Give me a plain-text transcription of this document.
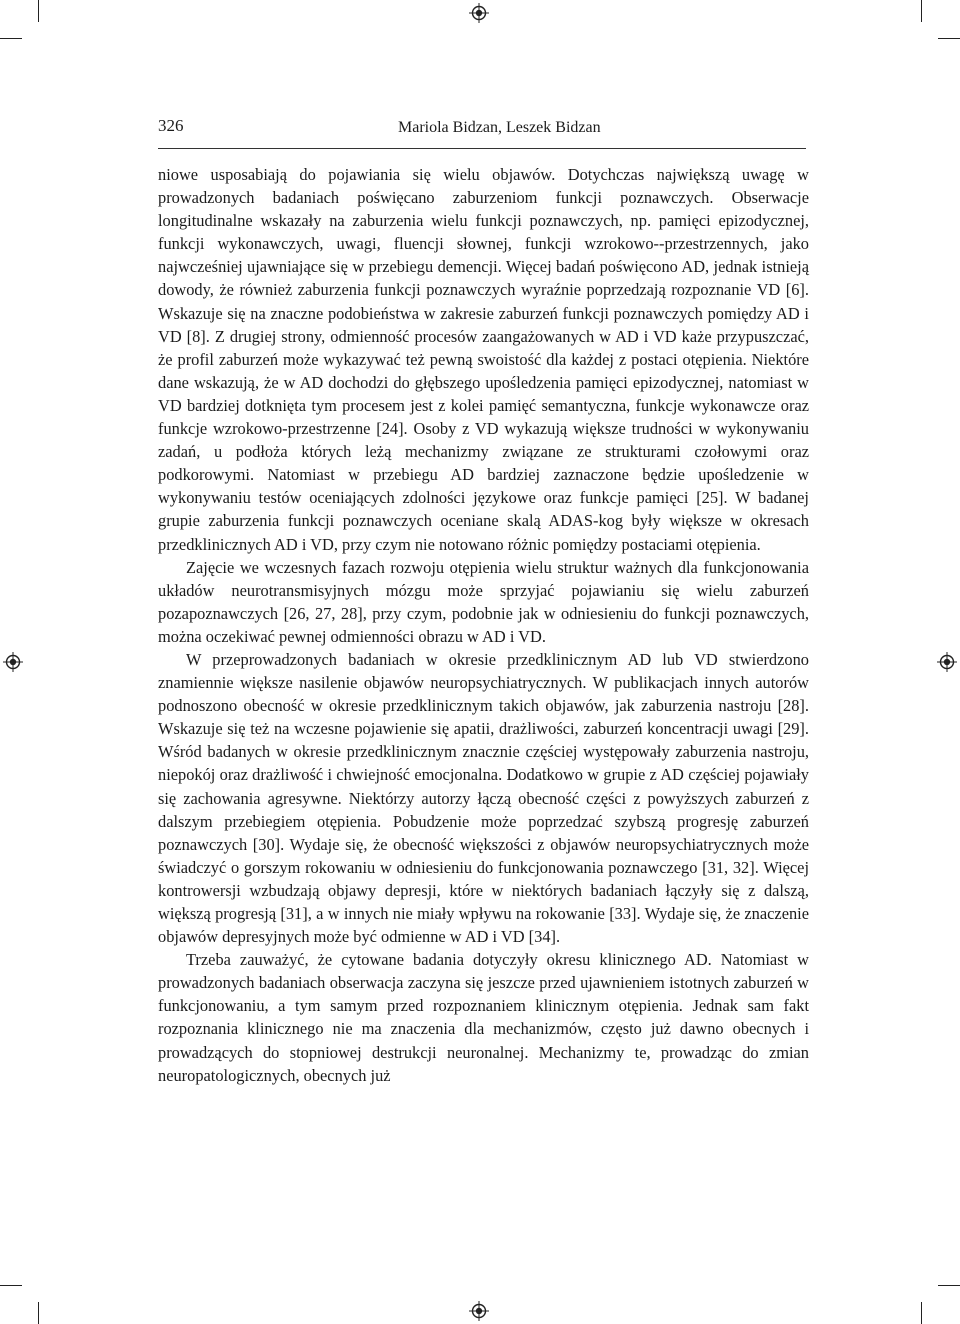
326	Mariola Bidzan, Leszek Bidzan

niowe usposabiają do pojawiania się wielu objawów. Dotychczas największą uwagę w prowadzonych badaniach poświęcano zaburzeniom funkcji poznawczych. Obserwacje longitudinalne wskazały na zaburzenia wielu funkcji poznawczych, np. pamięci epizodycznej, funkcji wykonawczych, uwagi, fluencji słownej, funkcji wzrokowo-⁠-przestrzennych, jako najwcześniej ujawniające się w przebiegu demencji. Więcej badań poświęcono AD, jednak istnieją dowody, że również zaburzenia funkcji poznawczych wyraźnie poprzedzają rozpoznanie VD [6]. Wskazuje się na znaczne podobieństwa w zakresie zaburzeń funkcji poznawczych pomiędzy AD i VD [8]. Z drugiej strony, odmienność procesów zaangażowanych w AD i VD każe przypuszczać, że profil zaburzeń może wykazywać też pewną swoistość dla każdej z postaci otępienia. Niektóre dane wskazują, że w AD dochodzi do głębszego upośledzenia pamięci epizodycznej, natomiast w VD bardziej dotknięta tym procesem jest z kolei pamięć semantyczna, funkcje wykonawcze oraz funkcje wzrokowo-przestrzenne [24]. Osoby z VD wykazują większe trudności w wykonywaniu zadań, u podłoża których leżą mechanizmy związane ze strukturami czołowymi oraz podkorowymi. Natomiast w przebiegu AD bardziej zaznaczone będzie upośledzenie w wykonywaniu testów oceniających zdolności językowe oraz funkcje pamięci [25]. W badanej grupie zaburzenia funkcji poznawczych oceniane skalą ADAS-kog były większe w okresach przedklinicznych AD i VD, przy czym nie notowano różnic pomiędzy postaciami otępienia.

Zajęcie we wczesnych fazach rozwoju otępienia wielu struktur ważnych dla funkcjonowania układów neurotransmisyjnych mózgu może sprzyjać pojawianiu się wielu zaburzeń pozapoznawczych [26, 27, 28], przy czym, podobnie jak w odniesieniu do funkcji poznawczych, można oczekiwać pewnej odmienności obrazu w AD i VD.

W przeprowadzonych badaniach w okresie przedklinicznym AD lub VD stwierdzono znamiennie większe nasilenie objawów neuropsychiatrycznych. W publikacjach innych autorów podnoszono obecność w okresie przedklinicznym takich objawów, jak zaburzenia nastroju [28]. Wskazuje się też na wczesne pojawienie się apatii, drażliwości, zaburzeń koncentracji uwagi [29]. Wśród badanych w okresie przedklinicznym znacznie częściej występowały zaburzenia nastroju, niepokój oraz drażliwość i chwiejność emocjonalna. Dodatkowo w grupie z AD częściej pojawiały się zachowania agresywne. Niektórzy autorzy łączą obecność części z powyższych zaburzeń z dalszym przebiegiem otępienia. Pobudzenie może poprzedzać szybszą progresję zaburzeń poznawczych [30]. Wydaje się, że obecność większości z objawów neuropsychiatrycznych może świadczyć o gorszym rokowaniu w odniesieniu do funkcjonowania poznawczego [31, 32]. Więcej kontrowersji wzbudzają objawy depresji, które w niektórych badaniach łączyły się z dalszą, większą progresją [31], a w innych nie miały wpływu na rokowanie [33]. Wydaje się, że znaczenie objawów depresyjnych może być odmienne w AD i VD [34].

Trzeba zauważyć, że cytowane badania dotyczyły okresu klinicznego AD. Natomiast w prowadzonych badaniach obserwacja zaczyna się jeszcze przed ujawnieniem istotnych zaburzeń w funkcjonowaniu, a tym samym przed rozpoznaniem klinicznym otępienia. Jednak sam fakt rozpoznania klinicznego nie ma znaczenia dla mechanizmów, często już dawno obecnych i prowadzących do stopniowej destrukcji neuronalnej. Mechanizmy te, prowadząc do zmian neuropatologicznych, obecnych już
